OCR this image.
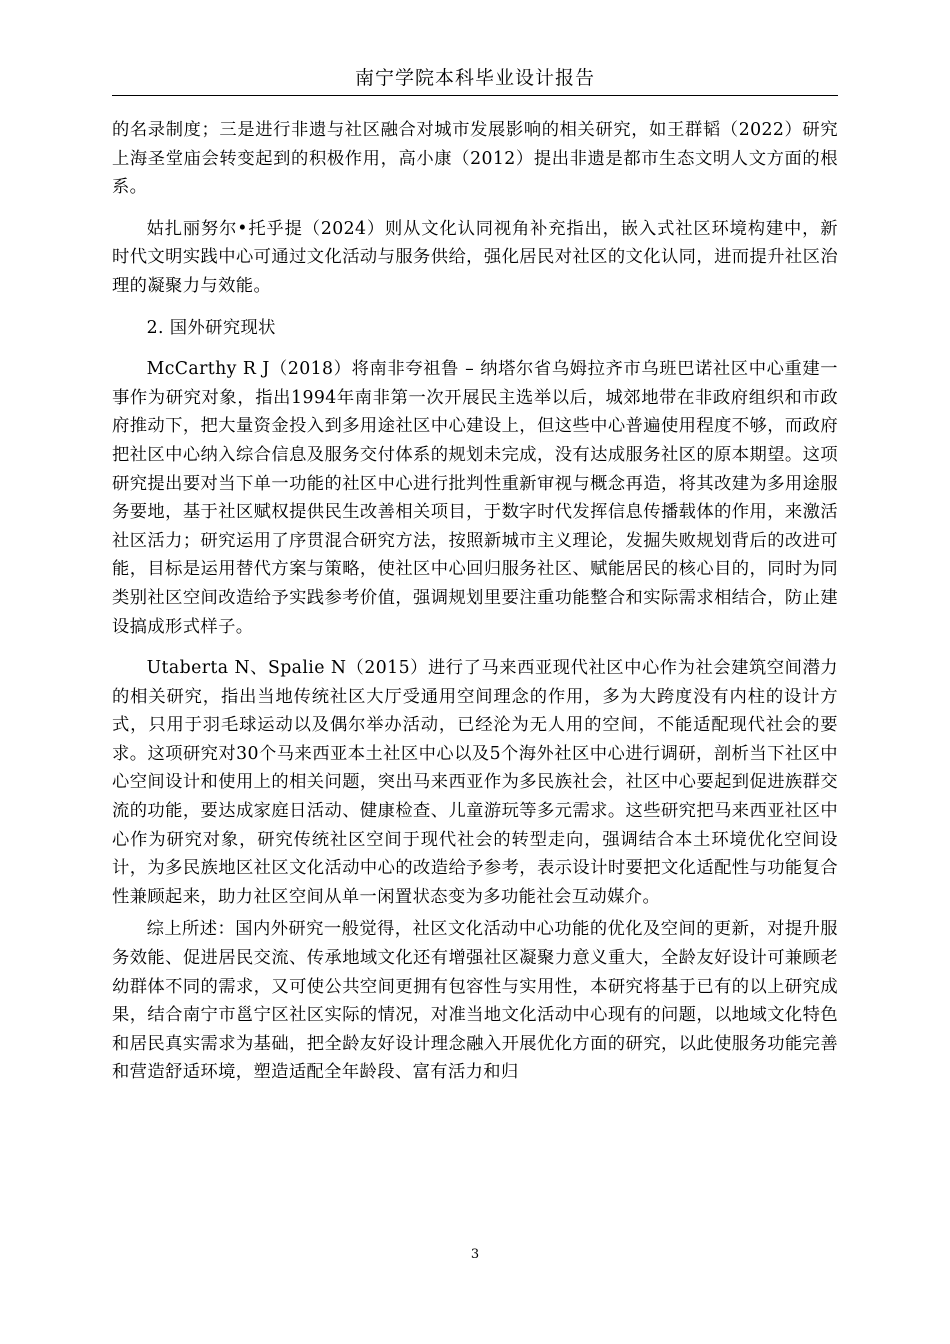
南宁学院本科毕业设计报告

的名录制度；三是进行非遗与社区融合对城市发展影响的相关研究，如王群韬（2022）研究上海圣堂庙会转变起到的积极作用，高小康（2012）提出非遗是都市生态文明人文方面的根系。

姑扎丽努尔•托乎提（2024）则从文化认同视角补充指出，嵌入式社区环境构建中，新时代文明实践中心可通过文化活动与服务供给，强化居民对社区的文化认同，进而提升社区治理的凝聚力与效能。

2. 国外研究现状

McCarthy R J（2018）将南非夸祖鲁 – 纳塔尔省乌姆拉齐市乌班巴诺社区中心重建一事作为研究对象，指出1994年南非第一次开展民主选举以后，城郊地带在非政府组织和市政府推动下，把大量资金投入到多用途社区中心建设上，但这些中心普遍使用程度不够，而政府把社区中心纳入综合信息及服务交付体系的规划未完成，没有达成服务社区的原本期望。这项研究提出要对当下单一功能的社区中心进行批判性重新审视与概念再造，将其改建为多用途服务要地，基于社区赋权提供民生改善相关项目，于数字时代发挥信息传播载体的作用，来激活社区活力；研究运用了序贯混合研究方法，按照新城市主义理论，发掘失败规划背后的改进可能，目标是运用替代方案与策略，使社区中心回归服务社区、赋能居民的核心目的，同时为同类别社区空间改造给予实践参考价值，强调规划里要注重功能整合和实际需求相结合，防止建设搞成形式样子。

Utaberta N、Spalie N（2015）进行了马来西亚现代社区中心作为社会建筑空间潜力的相关研究，指出当地传统社区大厅受通用空间理念的作用，多为大跨度没有内柱的设计方式，只用于羽毛球运动以及偶尔举办活动，已经沦为无人用的空间，不能适配现代社会的要求。这项研究对30个马来西亚本土社区中心以及5个海外社区中心进行调研，剖析当下社区中心空间设计和使用上的相关问题，突出马来西亚作为多民族社会，社区中心要起到促进族群交流的功能，要达成家庭日活动、健康检查、儿童游玩等多元需求。这些研究把马来西亚社区中心作为研究对象，研究传统社区空间于现代社会的转型走向，强调结合本土环境优化空间设计，为多民族地区社区文化活动中心的改造给予参考，表示设计时要把文化适配性与功能复合性兼顾起来，助力社区空间从单一闲置状态变为多功能社会互动媒介。

综上所述：国内外研究一般觉得，社区文化活动中心功能的优化及空间的更新，对提升服务效能、促进居民交流、传承地域文化还有增强社区凝聚力意义重大，全龄友好设计可兼顾老幼群体不同的需求，又可使公共空间更拥有包容性与实用性，本研究将基于已有的以上研究成果，结合南宁市邕宁区社区实际的情况，对准当地文化活动中心现有的问题，以地域文化特色和居民真实需求为基础，把全龄友好设计理念融入开展优化方面的研究，以此使服务功能完善和营造舒适环境，塑造适配全年龄段、富有活力和归

3
